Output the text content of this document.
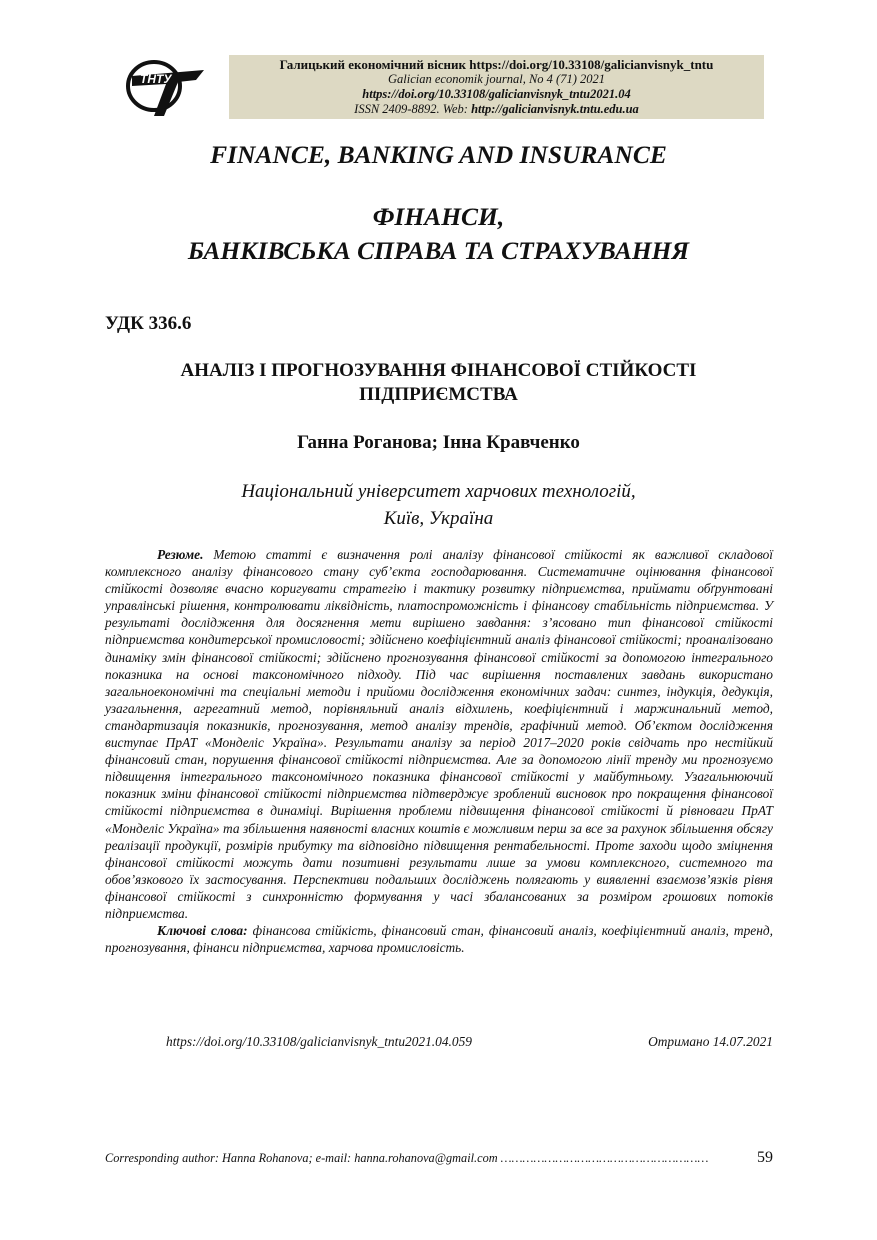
ТНТУ
Галицький економічний вісник https://doi.org/10.33108/galicianvisnyk_tntu
Galician economik journal, No 4 (71) 2021
https://doi.org/10.33108/galicianvisnyk_tntu2021.04
ISSN 2409-8892. Web: http://galicianvisnyk.tntu.edu.ua
FINANCE, BANKING AND INSURANCE
ФІНАНСИ,
БАНКІВСЬКА СПРАВА ТА СТРАХУВАННЯ
УДК 336.6
АНАЛІЗ І ПРОГНОЗУВАННЯ ФІНАНСОВОЇ СТІЙКОСТІ
ПІДПРИЄМСТВА
Ганна Роганова; Інна Кравченко
Національний університет харчових технологій,
Київ, Україна

Резюме. Метою статті є визначення ролі аналізу фінансової стійкості як важливої складової комплексного аналізу фінансового стану суб’єкта господарювання. Систематичне оцінювання фінансової стійкості дозволяє вчасно коригувати стратегію і тактику розвитку підприємства, приймати обґрунтовані управлінські рішення, контролювати ліквідність, платоспроможність і фінансову стабільність підприємства. У результаті дослідження для досягнення мети вирішено завдання: з’ясовано тип фінансової стійкості підприємства кондитерської промисловості; здійснено коефіцієнтний аналіз фінансової стійкості; проаналізовано динаміку змін фінансової стійкості; здійснено прогнозування фінансової стійкості за допомогою інтегрального показника на основі таксономічного підходу. Під час вирішення поставлених завдань використано загальноекономічні та спеціальні методи і прийоми дослідження економічних задач: синтез, індукція, дедукція, узагальнення, агрегатний метод, порівняльний аналіз відхилень, коефіцієнтний і маржинальний метод, стандартизація показників, прогнозування, метод аналізу трендів, графічний метод. Об’єктом дослідження виступає ПрАТ «Монделіс Україна». Результати аналізу за період 2017–2020 років свідчать про нестійкий фінансовий стан, порушення фінансової стійкості підприємства. Але за допомогою лінії тренду ми прогнозуємо підвищення інтегрального таксономічного показника фінансової стійкості у майбутньому. Узагальнюючий показник зміни фінансової стійкості підприємства підтверджує зроблений висновок про покращення фінансової стійкості підприємства в динаміці. Вирішення проблеми підвищення фінансової стійкості й рівноваги ПрАТ «Монделіс Україна» та збільшення наявності власних коштів є можливим перш за все за рахунок збільшення обсягу реалізації продукції, розмірів прибутку та відповідно підвищення рентабельності. Проте заходи щодо зміцнення фінансової стійкості можуть дати позитивні результати лише за умови комплексного, системного та обов’язкового їх застосування. Перспективи подальших досліджень полягають у виявленні взаємозв’язків рівня фінансової стійкості з синхронністю формування у часі збалансованих за розміром грошових потоків підприємства.

Ключові слова: фінансова стійкість, фінансовий стан, фінансовий аналіз, коефіцієнтний аналіз, тренд, прогнозування, фінанси підприємства, харчова промисловість.

https://doi.org/10.33108/galicianvisnyk_tntu2021.04.059	Отримано 14.07.2021
Corresponding author: Hanna Rohanova; e-mail: hanna.rohanova@gmail.com …………………………………………………	59
